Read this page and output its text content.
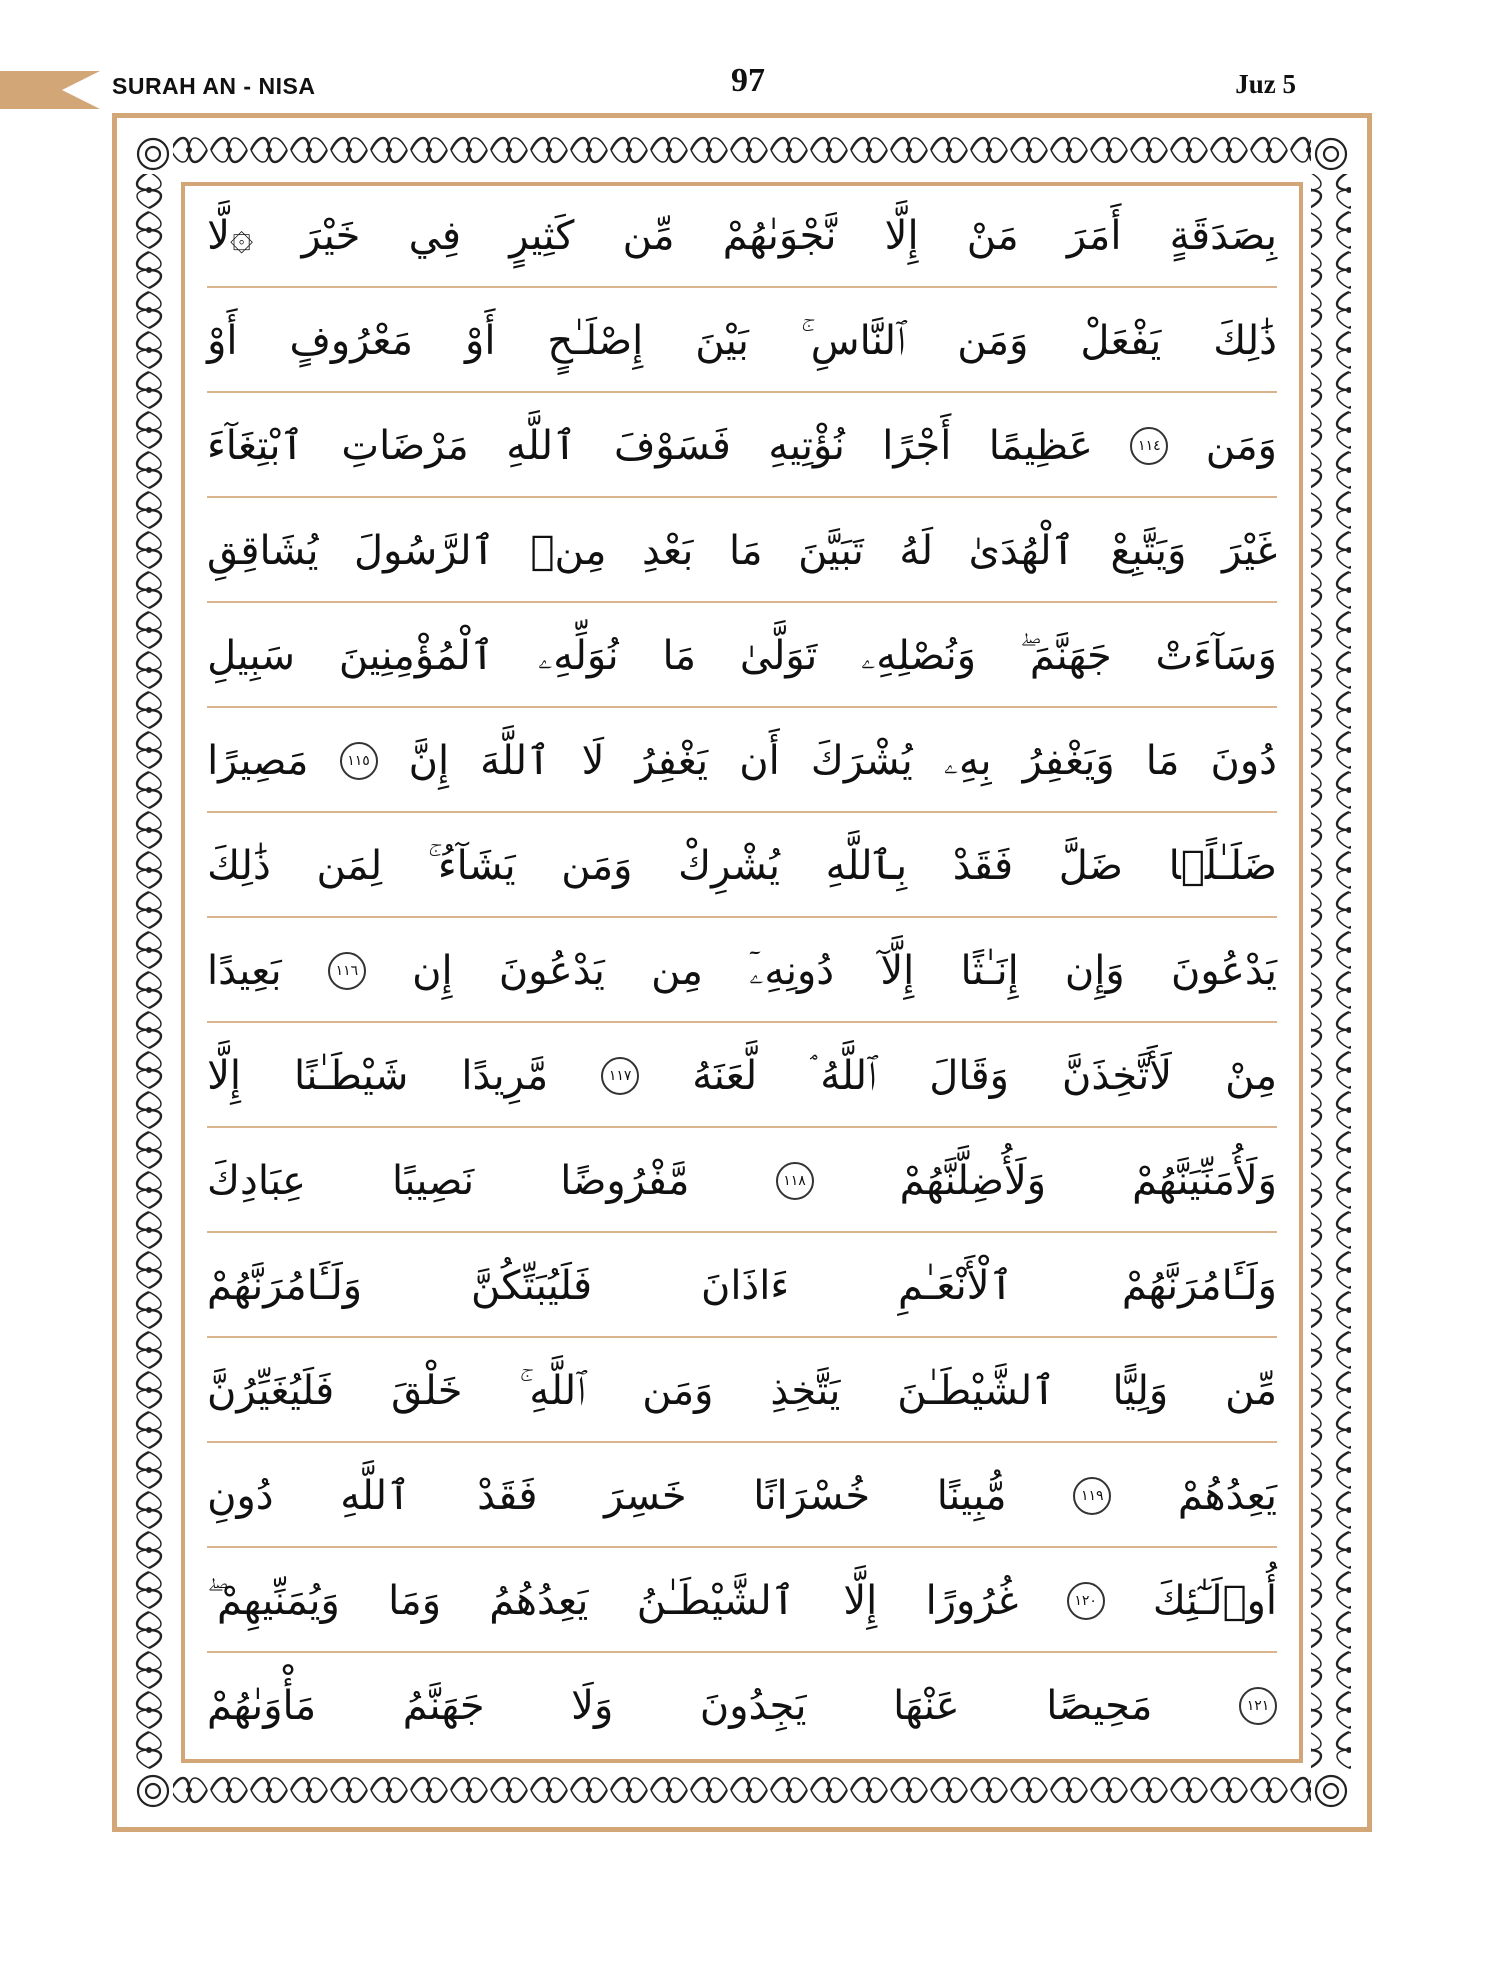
SURAH AN - NISA	97	Juz 5
۞لَّا خَيْرَ فِي كَثِيرٍ مِّن نَّجْوَىٰهُمْ إِلَّا مَنْ أَمَرَ بِصَدَقَةٍ
أَوْ مَعْرُوفٍ أَوْ إِصْلَـٰحٍ بَيْنَ ٱلنَّاسِ ۚ وَمَن يَفْعَلْ ذَٰلِكَ
ٱبْتِغَآءَ مَرْضَاتِ ٱللَّهِ فَسَوْفَ نُؤْتِيهِ أَجْرًا عَظِيمًا	١١٤ وَمَن
يُشَاقِقِ ٱلرَّسُولَ مِنۢ بَعْدِ مَا تَبَيَّنَ لَهُ ٱلْهُدَىٰ وَيَتَّبِعْ غَيْرَ
سَبِيلِ ٱلْمُؤْمِنِينَ نُوَلِّهِۦ مَا تَوَلَّىٰ وَنُصْلِهِۦ جَهَنَّمَ ۖ وَسَآءَتْ
مَصِيرًا	١١٥ إِنَّ ٱللَّهَ لَا يَغْفِرُ أَن يُشْرَكَ بِهِۦ وَيَغْفِرُ مَا دُونَ
ذَٰلِكَ لِمَن يَشَآءُ ۚ وَمَن يُشْرِكْ بِٱللَّهِ فَقَدْ ضَلَّ ضَلَـٰلًۢا
بَعِيدًا	١١٦ إِن يَدْعُونَ مِن دُونِهِۦٓ إِلَّآ إِنَـٰثًا وَإِن يَدْعُونَ
إِلَّا شَيْطَـٰنًا مَّرِيدًا	١١٧ لَّعَنَهُ ٱللَّهُ ۘ وَقَالَ لَأَتَّخِذَنَّ مِنْ
عِبَادِكَ نَصِيبًا مَّفْرُوضًا	١١٨ وَلَأُضِلَّنَّهُمْ وَلَأُمَنِّيَنَّهُمْ
وَلَـَٔامُرَنَّهُمْ	فَلَيُبَتِّكُنَّ	ءَاذَانَ	ٱلْأَنْعَـٰمِ	وَلَـَٔامُرَنَّهُمْ
فَلَيُغَيِّرُنَّ خَلْقَ ٱللَّهِ ۚ وَمَن يَتَّخِذِ ٱلشَّيْطَـٰنَ وَلِيًّا مِّن
دُونِ ٱللَّهِ فَقَدْ خَسِرَ خُسْرَانًا مُّبِينًا	١١٩ يَعِدُهُمْ
وَيُمَنِّيهِمْ ۖ وَمَا يَعِدُهُمُ ٱلشَّيْطَـٰنُ إِلَّا غُرُورًا	١٢٠ أُو۟لَـٰٓئِكَ
مَأْوَىٰهُمْ جَهَنَّمُ وَلَا يَجِدُونَ عَنْهَا مَحِيصًا	١٢١
